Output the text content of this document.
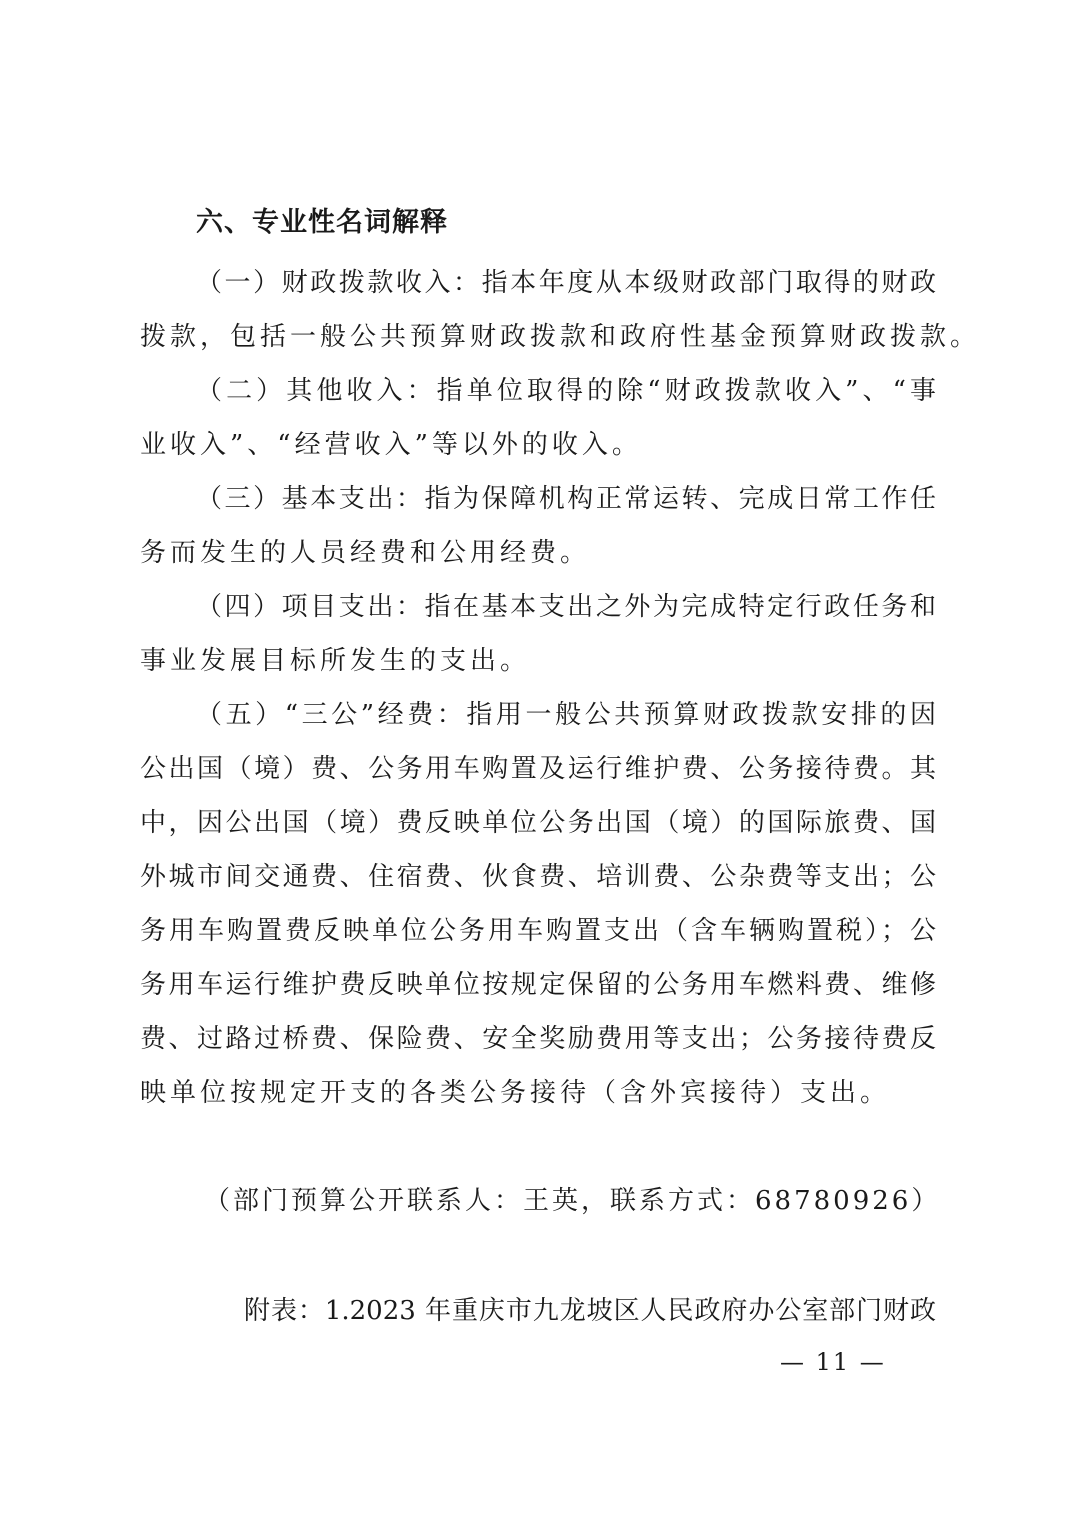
六、专业性名词解释
（一）财政拨款收入：指本年度从本级财政部门取得的财政
拨款，包括一般公共预算财政拨款和政府性基金预算财政拨款。
（二）其他收入：指单位取得的除“财政拨款收入”、“事
业收入”、“经营收入”等以外的收入。
（三）基本支出：指为保障机构正常运转、完成日常工作任
务而发生的人员经费和公用经费。
（四）项目支出：指在基本支出之外为完成特定行政任务和
事业发展目标所发生的支出。
（五）“三公”经费：指用一般公共预算财政拨款安排的因
公出国（境）费、公务用车购置及运行维护费、公务接待费。其
中，因公出国（境）费反映单位公务出国（境）的国际旅费、国
外城市间交通费、住宿费、伙食费、培训费、公杂费等支出；公
务用车购置费反映单位公务用车购置支出（含车辆购置税）；公
务用车运行维护费反映单位按规定保留的公务用车燃料费、维修
费、过路过桥费、保险费、安全奖励费用等支出；公务接待费反
映单位按规定开支的各类公务接待（含外宾接待）支出。
（部门预算公开联系人：王英，联系方式：68780926）
附表：1.2023 年重庆市九龙坡区人民政府办公室部门财政
— 11 —
